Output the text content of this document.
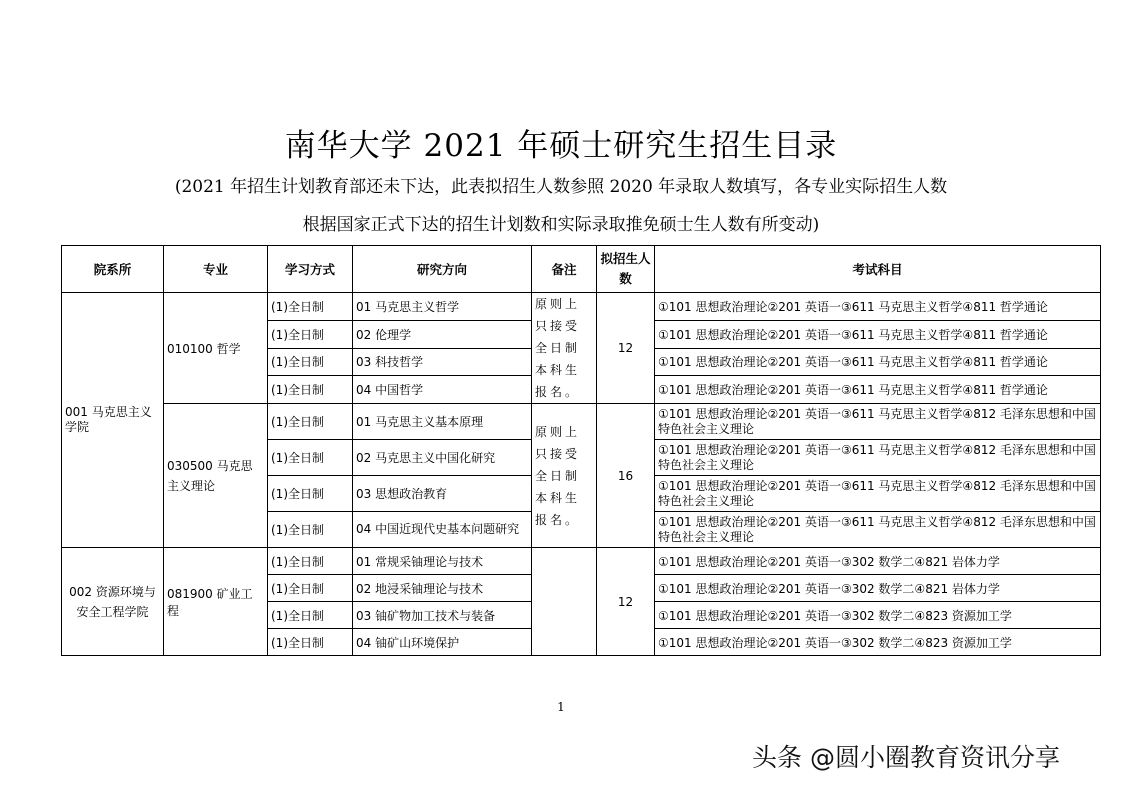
南华大学 2021 年硕士研究生招生目录
(2021 年招生计划教育部还未下达，此表拟招生人数参照 2020 年录取人数填写，各专业实际招生人数
根据国家正式下达的招生计划数和实际录取推免硕士生人数有所变动)
院系所	专业	学习方式	研究方向	备注	拟招生人数	考试科目
001 马克思主义学院	010100 哲学	(1)全日制	01 马克思主义哲学	原则上只接受全日制本科生报名。	12	①101 思想政治理论②201 英语一③611 马克思主义哲学④811 哲学通论
		(1)全日制	02 伦理学			①101 思想政治理论②201 英语一③611 马克思主义哲学④811 哲学通论
		(1)全日制	03 科技哲学			①101 思想政治理论②201 英语一③611 马克思主义哲学④811 哲学通论
		(1)全日制	04 中国哲学			①101 思想政治理论②201 英语一③611 马克思主义哲学④811 哲学通论
	030500 马克思主义理论	(1)全日制	01 马克思主义基本原理	原则上只接受全日制本科生报名。	16	①101 思想政治理论②201 英语一③611 马克思主义哲学④812 毛泽东思想和中国特色社会主义理论
		(1)全日制	02 马克思主义中国化研究			①101 思想政治理论②201 英语一③611 马克思主义哲学④812 毛泽东思想和中国特色社会主义理论
		(1)全日制	03 思想政治教育			①101 思想政治理论②201 英语一③611 马克思主义哲学④812 毛泽东思想和中国特色社会主义理论
		(1)全日制	04 中国近现代史基本问题研究			①101 思想政治理论②201 英语一③611 马克思主义哲学④812 毛泽东思想和中国特色社会主义理论
002 资源环境与安全工程学院	081900 矿业工程	(1)全日制	01 常规采铀理论与技术		12	①101 思想政治理论②201 英语一③302 数学二④821 岩体力学
		(1)全日制	02 地浸采铀理论与技术			①101 思想政治理论②201 英语一③302 数学二④821 岩体力学
		(1)全日制	03 铀矿物加工技术与装备			①101 思想政治理论②201 英语一③302 数学二④823 资源加工学
		(1)全日制	04 铀矿山环境保护			①101 思想政治理论②201 英语一③302 数学二④823 资源加工学
1
头条 @圆小圈教育资讯分享
